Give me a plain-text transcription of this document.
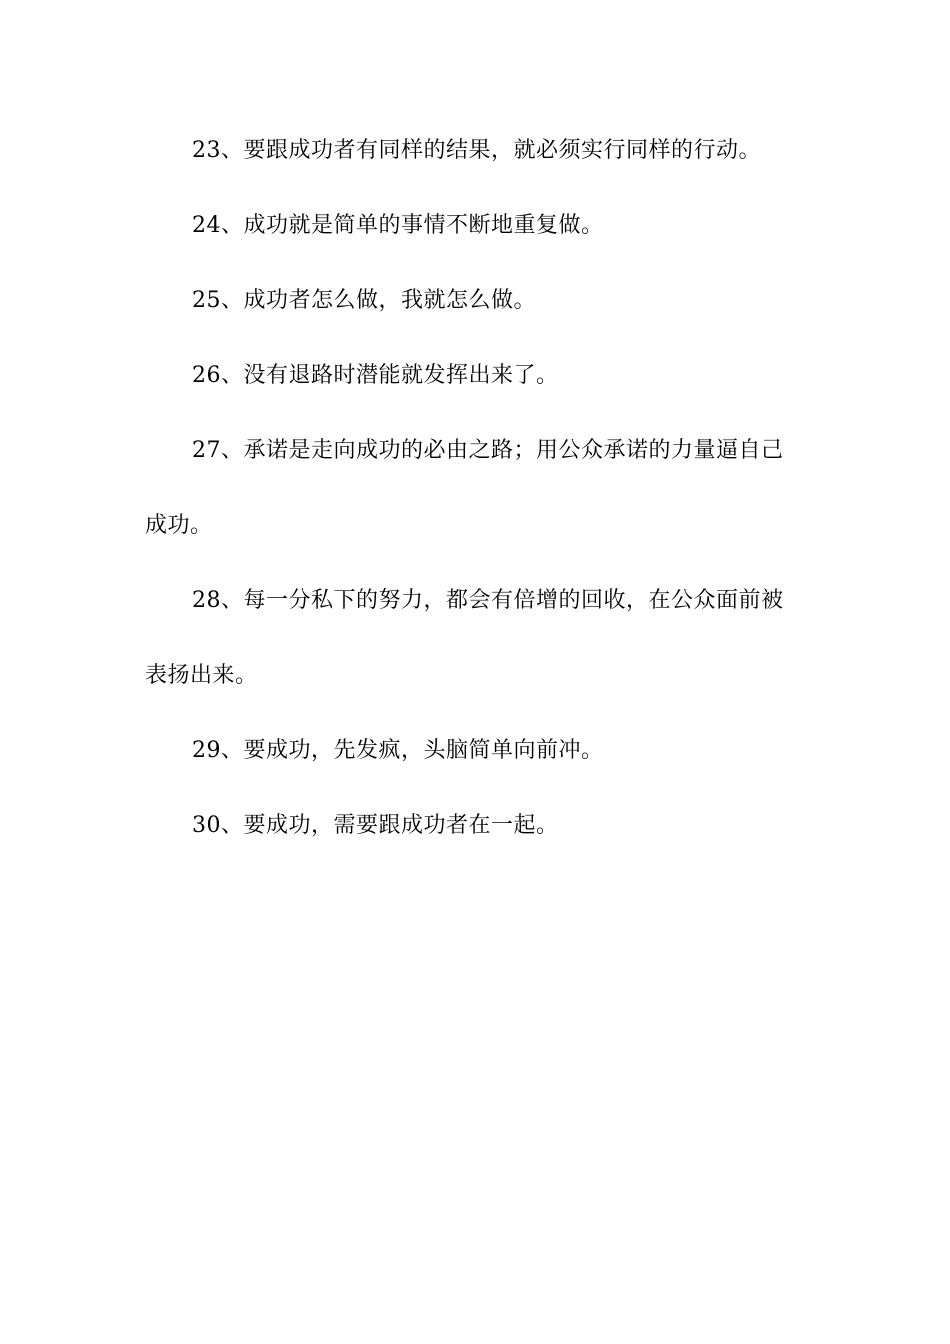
23、要跟成功者有同样的结果，就必须实行同样的行动。

24、成功就是简单的事情不断地重复做。

25、成功者怎么做，我就怎么做。

26、没有退路时潜能就发挥出来了。

27、承诺是走向成功的必由之路；用公众承诺的力量逼自己成功。

28、每一分私下的努力，都会有倍增的回收，在公众面前被表扬出来。

29、要成功，先发疯，头脑简单向前冲。

30、要成功，需要跟成功者在一起。
